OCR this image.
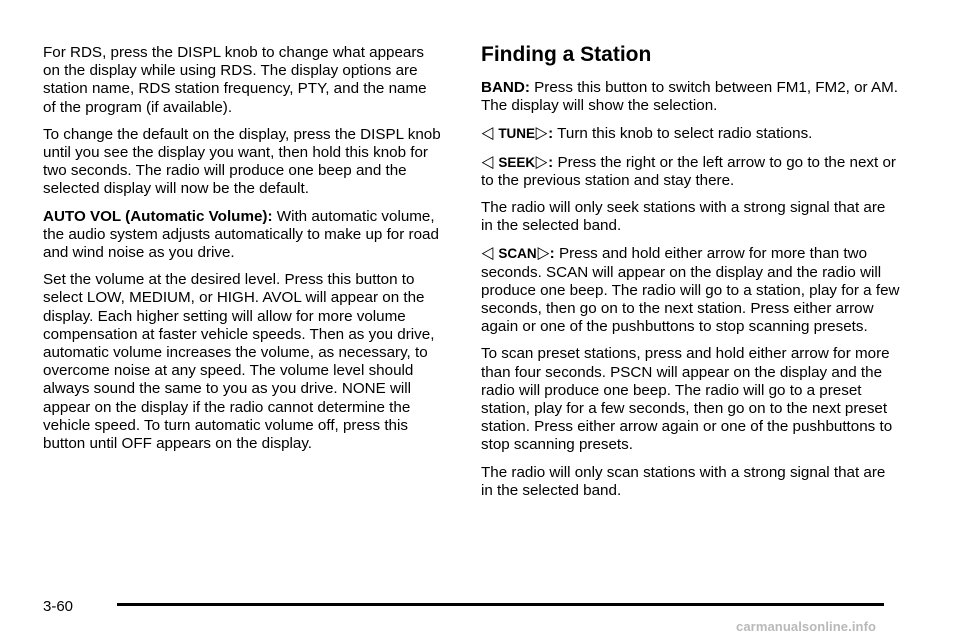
For RDS, press the DISPL knob to change what appears on the display while using RDS. The display options are station name, RDS station frequency, PTY, and the name of the program (if available).

To change the default on the display, press the DISPL knob until you see the display you want, then hold this knob for two seconds. The radio will produce one beep and the selected display will now be the default.

AUTO VOL (Automatic Volume): With automatic volume, the audio system adjusts automatically to make up for road and wind noise as you drive.

Set the volume at the desired level. Press this button to select LOW, MEDIUM, or HIGH. AVOL will appear on the display. Each higher setting will allow for more volume compensation at faster vehicle speeds. Then as you drive, automatic volume increases the volume, as necessary, to overcome noise at any speed. The volume level should always sound the same to you as you drive. NONE will appear on the display if the radio cannot determine the vehicle speed. To turn automatic volume off, press this button until OFF appears on the display.

Finding a Station

BAND: Press this button to switch between FM1, FM2, or AM. The display will show the selection.

◁ TUNE▷: Turn this knob to select radio stations.

◁ SEEK▷: Press the right or the left arrow to go to the next or to the previous station and stay there.

The radio will only seek stations with a strong signal that are in the selected band.

◁ SCAN▷: Press and hold either arrow for more than two seconds. SCAN will appear on the display and the radio will produce one beep. The radio will go to a station, play for a few seconds, then go on to the next station. Press either arrow again or one of the pushbuttons to stop scanning presets.

To scan preset stations, press and hold either arrow for more than four seconds. PSCN will appear on the display and the radio will produce one beep. The radio will go to a preset station, play for a few seconds, then go on to the next preset station. Press either arrow again or one of the pushbuttons to stop scanning presets.

The radio will only scan stations with a strong signal that are in the selected band.

3-60
carmanualsonline.info
